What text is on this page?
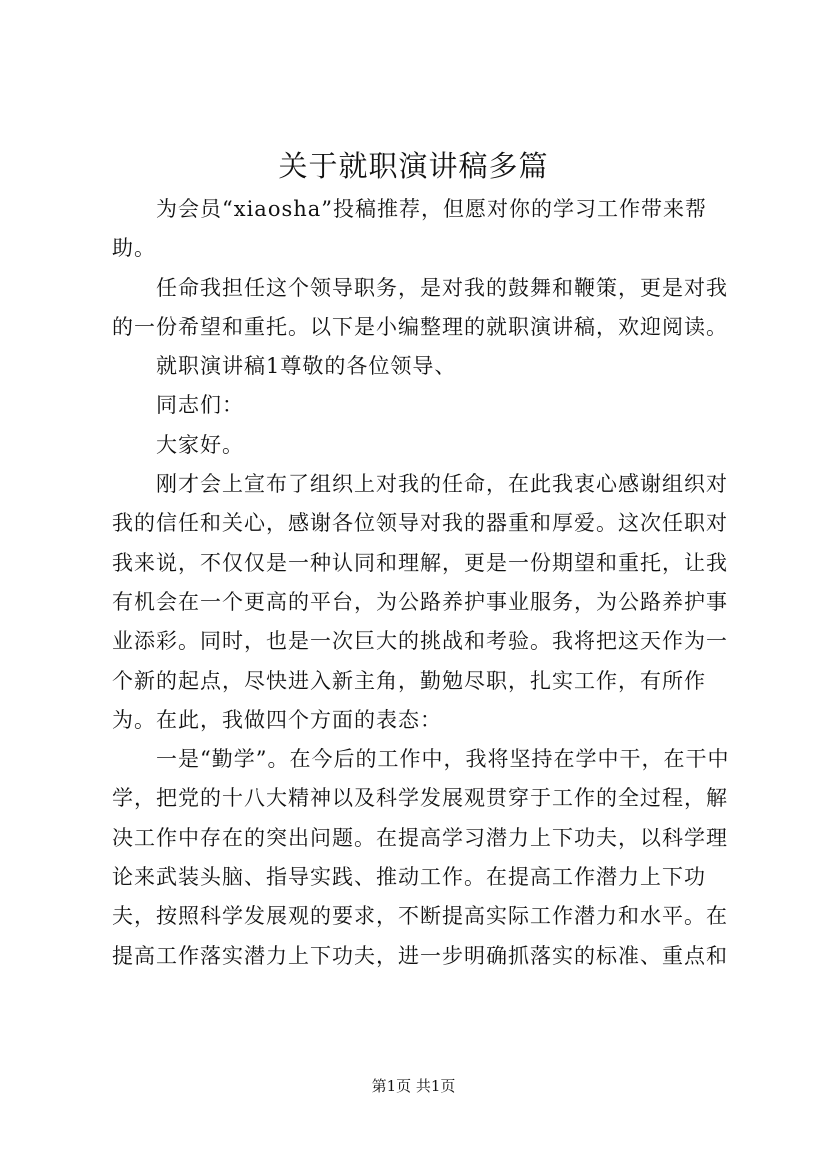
关于就职演讲稿多篇

为会员“xiaosha”投稿推荐，但愿对你的学习工作带来帮助。

任命我担任这个领导职务，是对我的鼓舞和鞭策，更是对我的一份希望和重托。以下是小编整理的就职演讲稿，欢迎阅读。

就职演讲稿1尊敬的各位领导、

同志们：

大家好。

刚才会上宣布了组织上对我的任命，在此我衷心感谢组织对我的信任和关心，感谢各位领导对我的器重和厚爱。这次任职对我来说，不仅仅是一种认同和理解，更是一份期望和重托，让我有机会在一个更高的平台，为公路养护事业服务，为公路养护事业添彩。同时，也是一次巨大的挑战和考验。我将把这天作为一个新的起点，尽快进入新主角，勤勉尽职，扎实工作，有所作为。在此，我做四个方面的表态：

一是“勤学”。在今后的工作中，我将坚持在学中干，在干中学，把党的十八大精神以及科学发展观贯穿于工作的全过程，解决工作中存在的突出问题。在提高学习潜力上下功夫，以科学理论来武装头脑、指导实践、推动工作。在提高工作潜力上下功夫，按照科学发展观的要求，不断提高实际工作潜力和水平。在提高工作落实潜力上下功夫，进一步明确抓落实的标准、重点和

第1页 共1页
